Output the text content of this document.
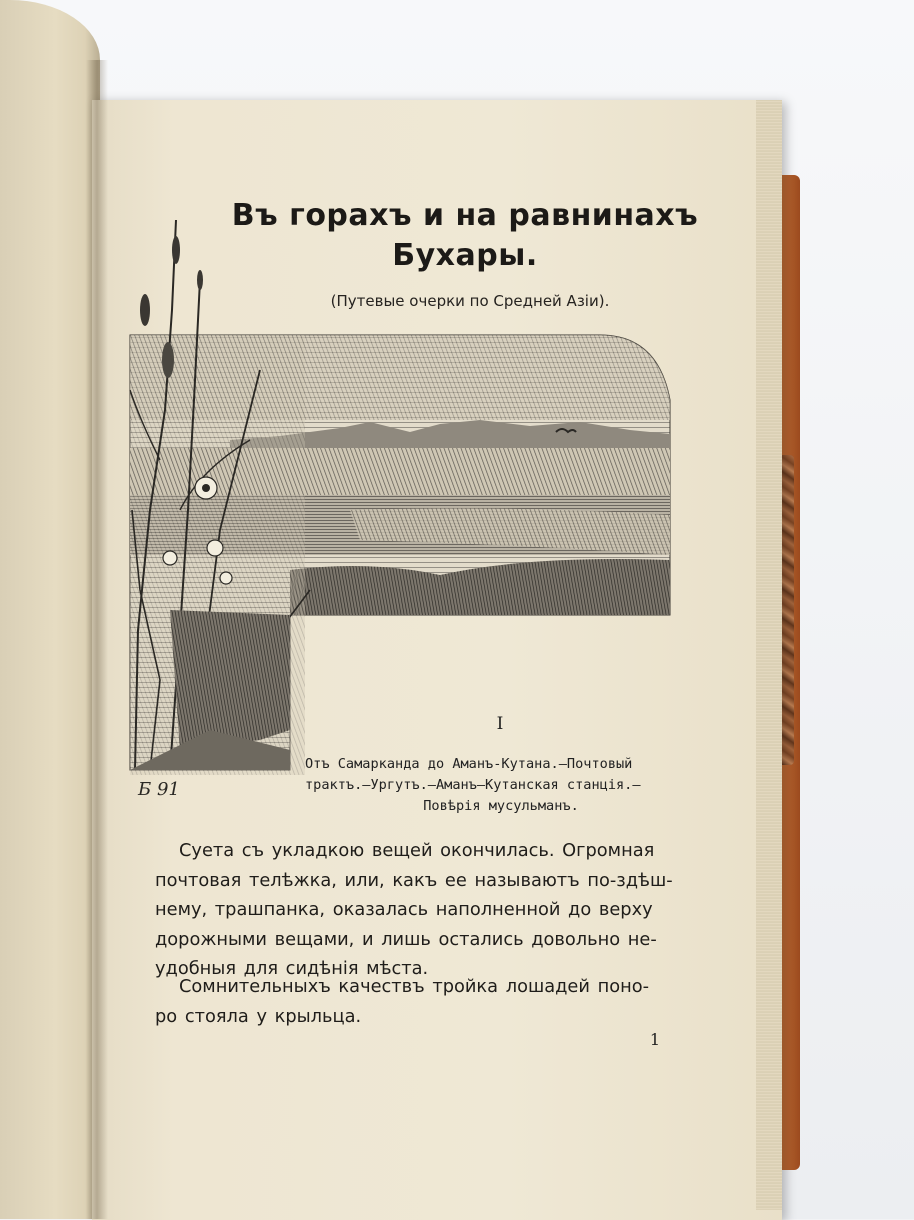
Въ горахъ и на равнинахъ
Бухары.
(Путевые очерки по Средней Азіи).
Б 91
I
Отъ Самарканда до Аманъ-Кутана.—Почтовый
трактъ.—Ургутъ.—Аманъ—Кутанская станція.—
Повѣрія мусульманъ.
Суета съ укладкою вещей окончилась. Огромная
почтовая телѣжка, или, какъ ее называютъ по-здѣш-
нему, трашпанка, оказалась наполненной до верху
дорожными вещами, и лишь остались довольно не-
удобныя для сидѣнія мѣста.
Сомнительныхъ качествъ тройка лошадей поно-
ро стояла у крыльца.
1
